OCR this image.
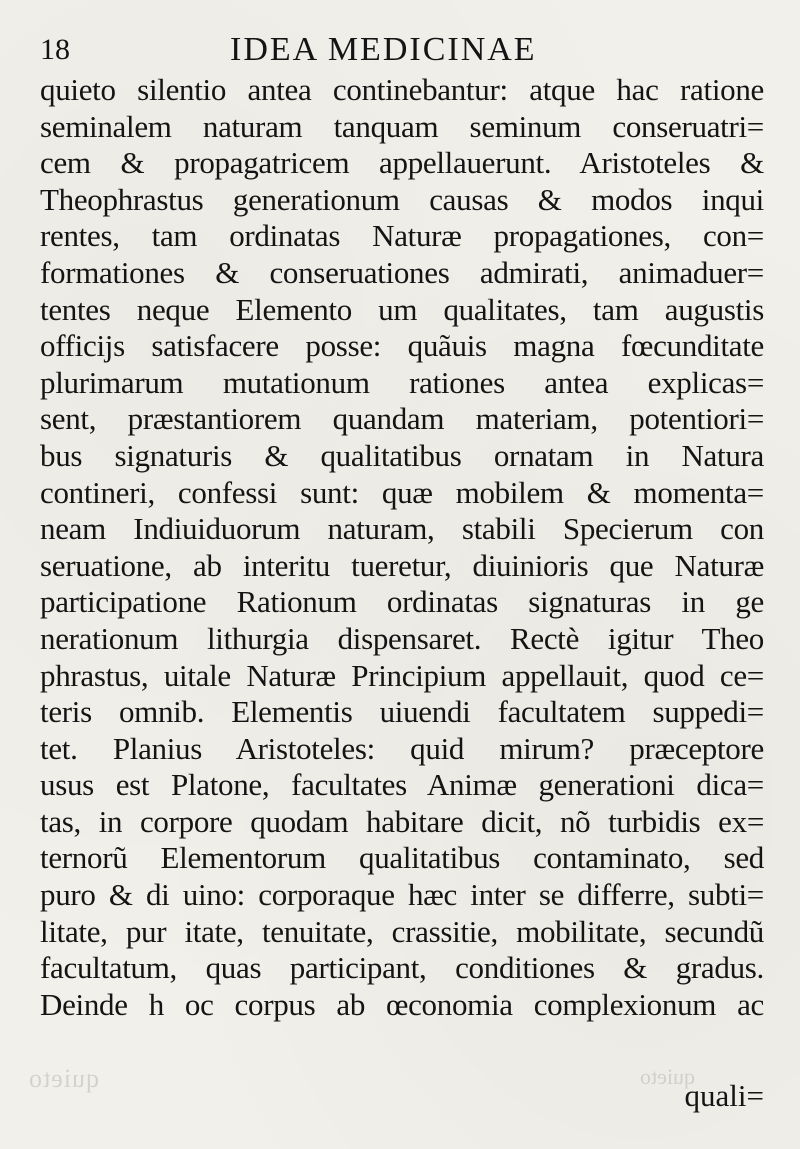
quieto	quieto
18	IDEA MEDICINAE
quieto silentio antea continebantur: atque hac ratione
seminalem naturam tanquam seminum conseruatri=
cem & propagatricem appellauerunt. Aristoteles &
Theophrastus generationum causas & modos inqui
rentes, tam ordinatas Naturæ propagationes, con=
formationes & conseruationes admirati, animaduer=
tentes neque Elemento um qualitates, tam augustis
officijs satisfacere posse: quãuis magna fœcunditate
plurimarum mutationum rationes antea explicas=
sent, præstantiorem quandam materiam, potentiori=
bus signaturis & qualitatibus ornatam in Natura
contineri, confessi sunt: quæ mobilem & momenta=
neam Indiuiduorum naturam, stabili Specierum con
seruatione, ab interitu tueretur, diuinioris que Naturæ
participatione Rationum ordinatas signaturas in ge
nerationum lithurgia dispensaret. Rectè igitur Theo
phrastus, uitale Naturæ Principium appellauit, quod ce=
teris omnib. Elementis uiuendi facultatem suppedi=
tet. Planius Aristoteles: quid mirum? præceptore
usus est Platone, facultates Animæ generationi dica=
tas, in corpore quodam habitare dicit, nõ turbidis ex=
ternorũ Elementorum qualitatibus contaminato, sed
puro & di uino: corporaque hæc inter se differre, subti=
litate, pur itate, tenuitate, crassitie, mobilitate, secundũ
facultatum, quas participant, conditiones & gradus.
Deinde h oc corpus ab œconomia complexionum ac
quali=
